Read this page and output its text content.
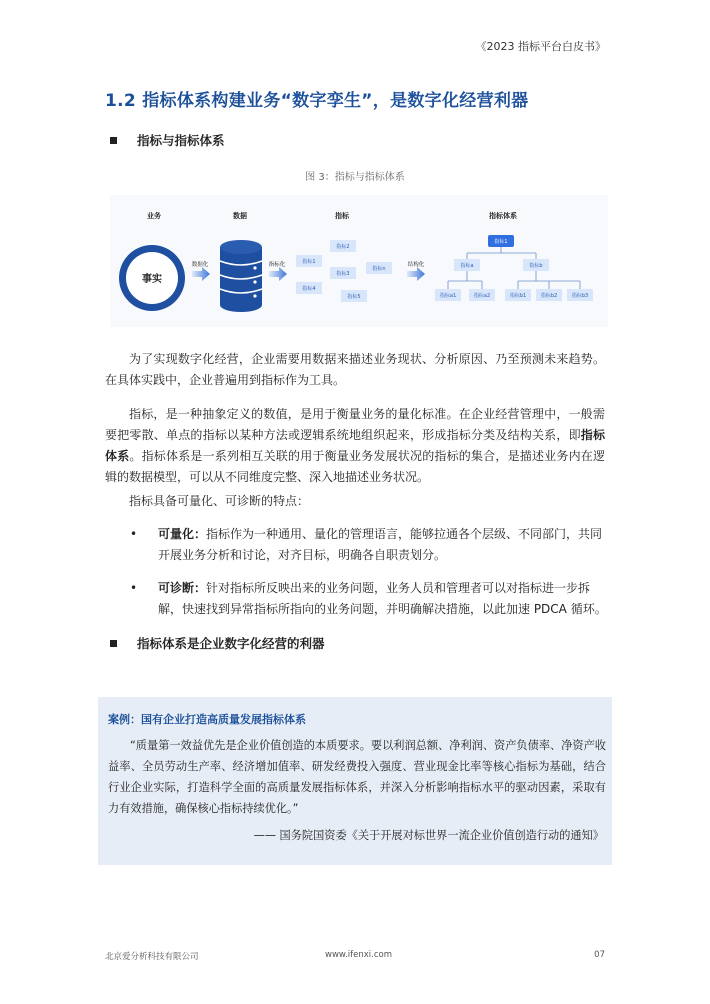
《2023 指标平台白皮书》
1.2 指标体系构建业务“数字孪生”，是数字化经营利器
指标与指标体系
图 3：指标与指标体系
业务	数据	指标	指标体系
事实
数据化	指标化	指标1
指标2
指标3
指标4
指标5
指标n
结构化
指标1
指标a	指标b
指标a1	指标a2	指标b1	指标b2	指标b3
为了实现数字化经营，企业需要用数据来描述业务现状、分析原因、乃至预测未来趋势。在具体实践中，企业普遍用到指标作为工具。
指标，是一种抽象定义的数值，是用于衡量业务的量化标准。在企业经营管理中，一般需要把零散、单点的指标以某种方法或逻辑系统地组织起来，形成指标分类及结构关系，即指标体系。指标体系是一系列相互关联的用于衡量业务发展状况的指标的集合，是描述业务内在逻辑的数据模型，可以从不同维度完整、深入地描述业务状况。
指标具备可量化、可诊断的特点：
•	可量化：指标作为一种通用、量化的管理语言，能够拉通各个层级、不同部门，共同开展业务分析和讨论，对齐目标，明确各自职责划分。
•	可诊断：针对指标所反映出来的业务问题，业务人员和管理者可以对指标进一步拆解，快速找到异常指标所指向的业务问题，并明确解决措施，以此加速 PDCA 循环。
指标体系是企业数字化经营的利器
案例：国有企业打造高质量发展指标体系
“质量第一效益优先是企业价值创造的本质要求。要以利润总额、净利润、资产负债率、净资产收益率、全员劳动生产率、经济增加值率、研发经费投入强度、营业现金比率等核心指标为基础，结合行业企业实际，打造科学全面的高质量发展指标体系，并深入分析影响指标水平的驱动因素，采取有力有效措施，确保核心指标持续优化。”
—— 国务院国资委《关于开展对标世界一流企业价值创造行动的通知》
北京爱分析科技有限公司	www.ifenxi.com	07
